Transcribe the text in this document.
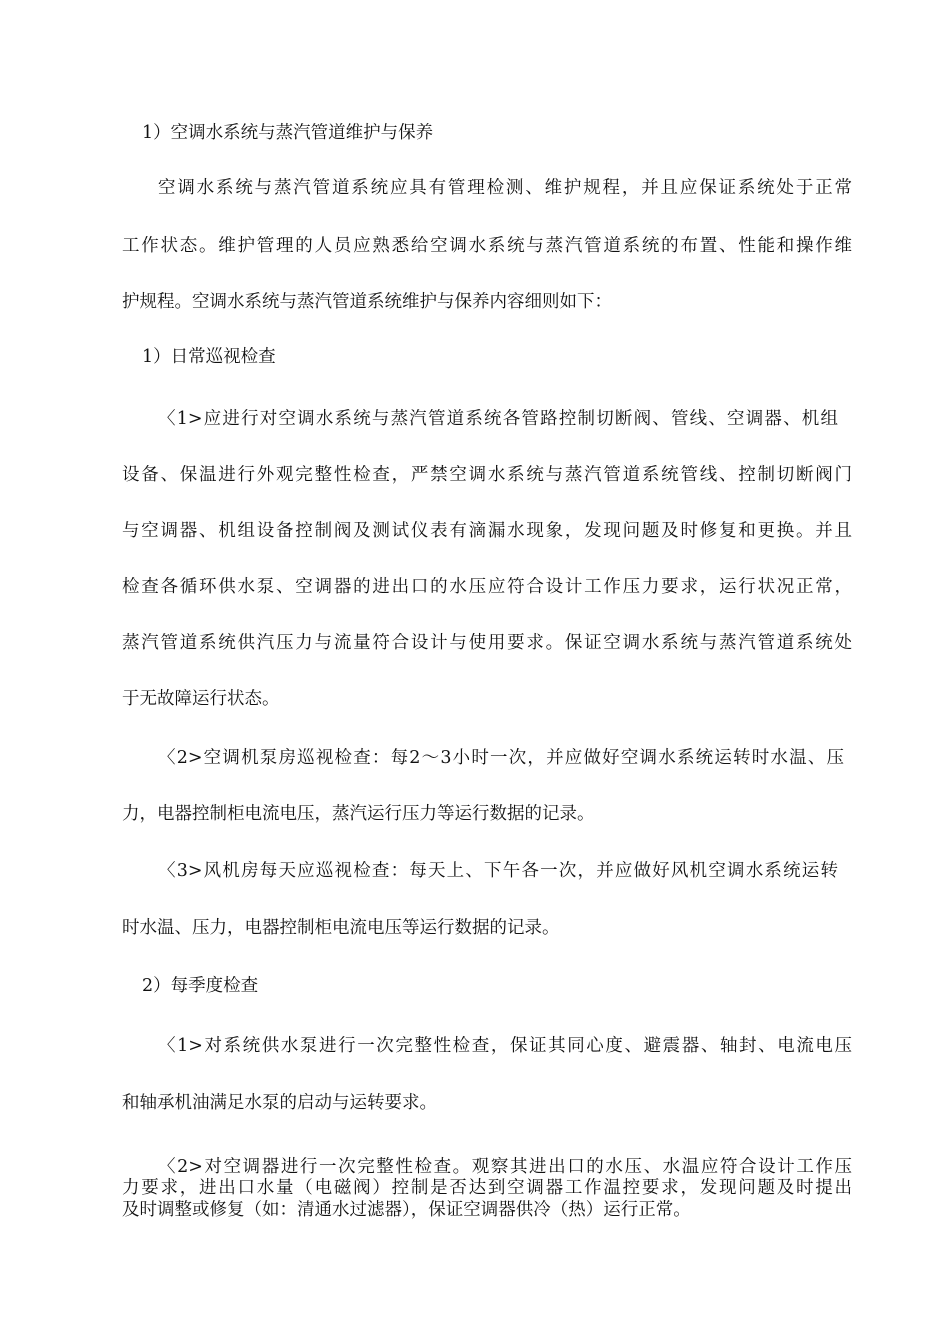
1）空调水系统与蒸汽管道维护与保养
空调水系统与蒸汽管道系统应具有管理检测、维护规程，并且应保证系统处于正常
工作状态。维护管理的人员应熟悉给空调水系统与蒸汽管道系统的布置、性能和操作维
护规程。空调水系统与蒸汽管道系统维护与保养内容细则如下：
1）日常巡视检查
〈1>应进行对空调水系统与蒸汽管道系统各管路控制切断阀、管线、空调器、机组
设备、保温进行外观完整性检查，严禁空调水系统与蒸汽管道系统管线、控制切断阀门
与空调器、机组设备控制阀及测试仪表有滴漏水现象，发现问题及时修复和更换。并且
检查各循环供水泵、空调器的进出口的水压应符合设计工作压力要求，运行状况正常，
蒸汽管道系统供汽压力与流量符合设计与使用要求。保证空调水系统与蒸汽管道系统处
于无故障运行状态。
〈2>空调机泵房巡视检查：每2〜3小时一次，并应做好空调水系统运转时水温、压
力，电器控制柜电流电压，蒸汽运行压力等运行数据的记录。
〈3>风机房每天应巡视检查：每天上、下午各一次，并应做好风机空调水系统运转
时水温、压力，电器控制柜电流电压等运行数据的记录。
2）每季度检查
〈1>对系统供水泵进行一次完整性检查，保证其同心度、避震器、轴封、电流电压
和轴承机油满足水泵的启动与运转要求。
〈2>对空调器进行一次完整性检查。观察其进出口的水压、水温应符合设计工作压
力要求，进出口水量（电磁阀）控制是否达到空调器工作温控要求，发现问题及时提出
及时调整或修复（如：清通水过滤器），保证空调器供冷（热）运行正常。
